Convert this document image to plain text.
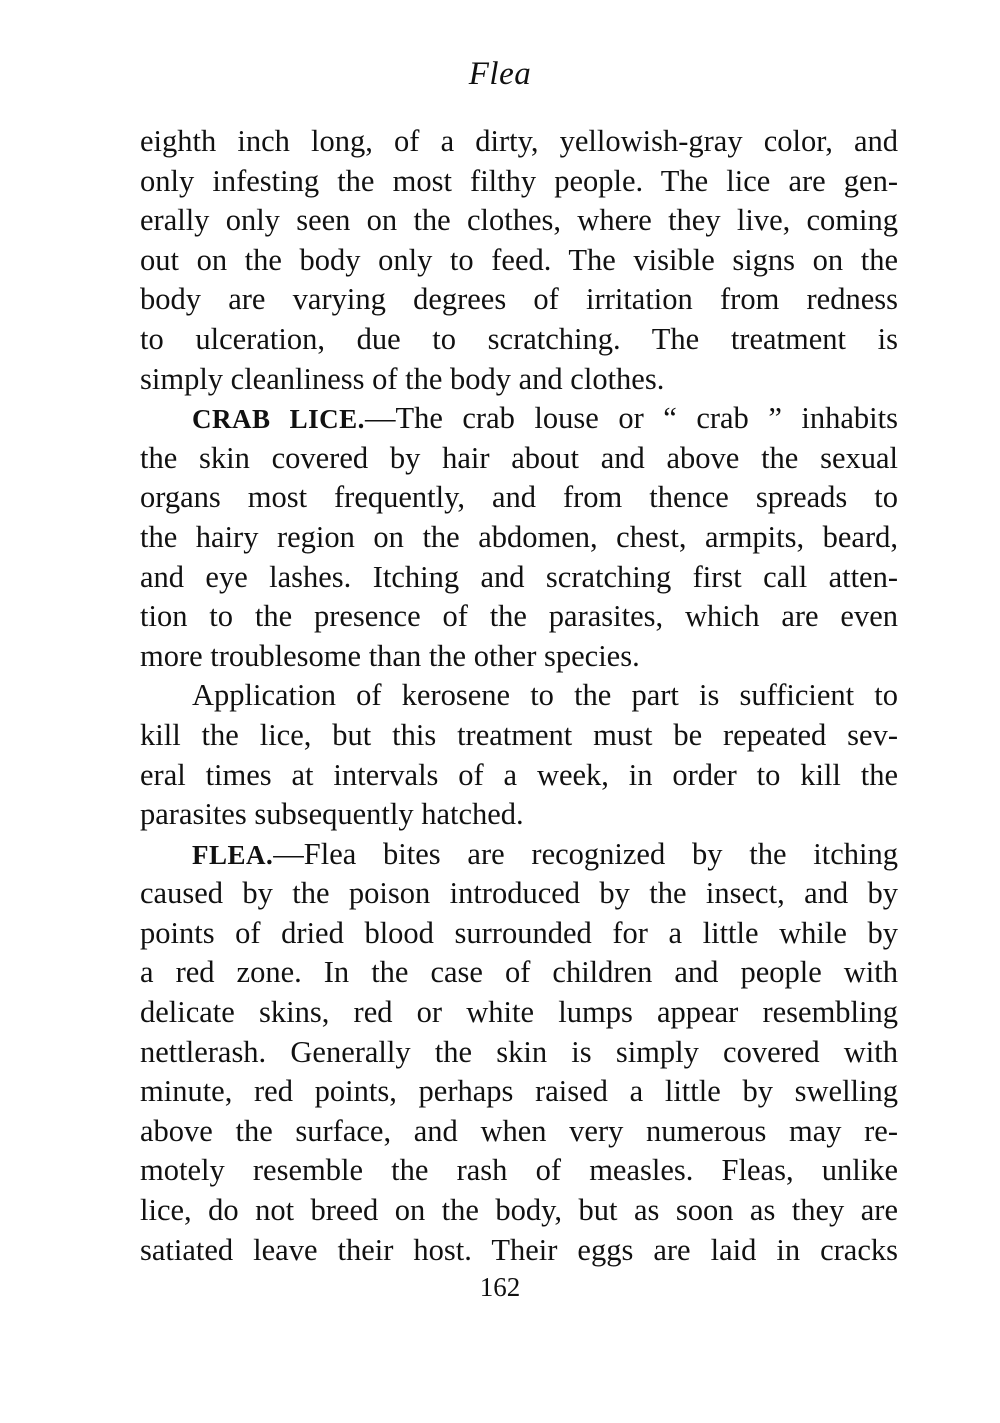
Flea
eighth inch long, of a dirty, yellowish-gray color, and
only infesting the most filthy people. The lice are gen-
erally only seen on the clothes, where they live, coming
out on the body only to feed. The visible signs on the
body are varying degrees of irritation from redness
to ulceration, due to scratching. The treatment is
simply cleanliness of the body and clothes.
CRAB LICE.—The crab louse or “ crab ” inhabits
the skin covered by hair about and above the sexual
organs most frequently, and from thence spreads to
the hairy region on the abdomen, chest, armpits, beard,
and eye lashes. Itching and scratching first call atten-
tion to the presence of the parasites, which are even
more troublesome than the other species.
Application of kerosene to the part is sufficient to
kill the lice, but this treatment must be repeated sev-
eral times at intervals of a week, in order to kill the
parasites subsequently hatched.
FLEA.—Flea bites are recognized by the itching
caused by the poison introduced by the insect, and by
points of dried blood surrounded for a little while by
a red zone. In the case of children and people with
delicate skins, red or white lumps appear resembling
nettlerash. Generally the skin is simply covered with
minute, red points, perhaps raised a little by swelling
above the surface, and when very numerous may re-
motely resemble the rash of measles. Fleas, unlike
lice, do not breed on the body, but as soon as they are
satiated leave their host. Their eggs are laid in cracks
162
